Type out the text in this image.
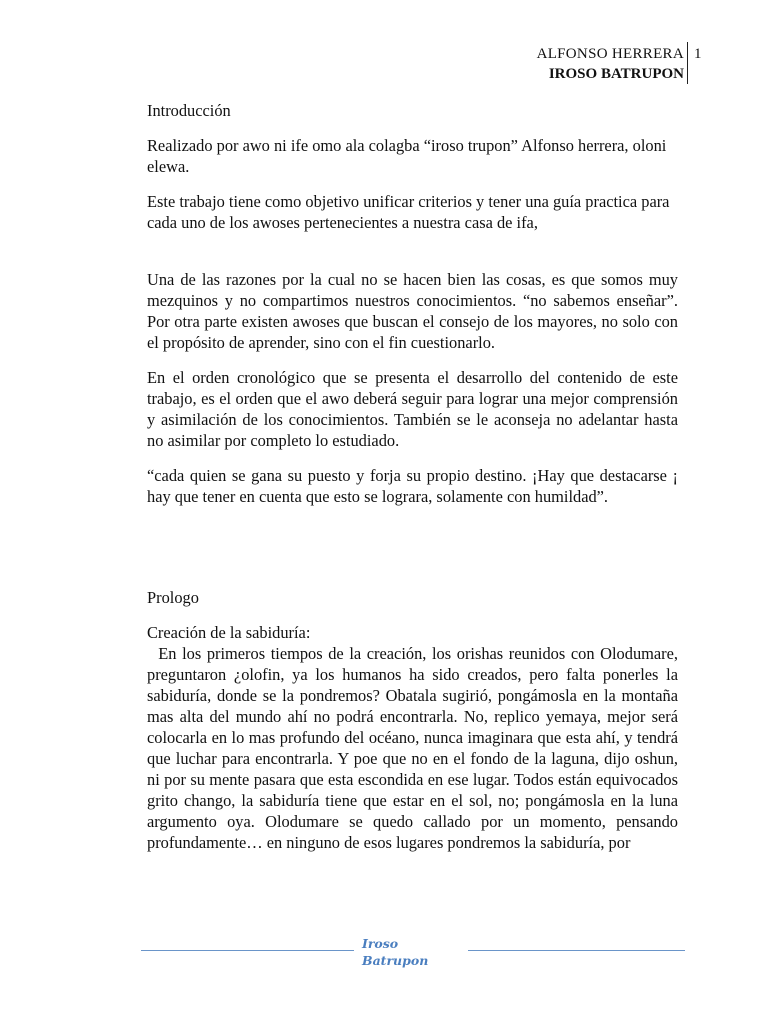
ALFONSO HERRERA
IROSO BATRUPON
1

Introducción

Realizado por awo ni ife omo ala colagba “iroso trupon” Alfonso herrera, oloni elewa.

Este trabajo tiene como objetivo unificar criterios y tener una guía practica para cada uno de los awoses pertenecientes a nuestra casa de ifa,

Una de las razones por la cual no se hacen bien las cosas, es que somos muy mezquinos y no compartimos nuestros conocimientos. “no sabemos enseñar”. Por otra parte existen awoses que buscan el consejo de los mayores, no solo con el propósito de aprender, sino con el fin cuestionarlo.

En el orden cronológico que se presenta el desarrollo del contenido de este trabajo, es el orden que el awo deberá seguir para lograr una mejor comprensión y asimilación de los conocimientos. También se le aconseja no adelantar hasta no asimilar por completo lo estudiado.

“cada quien se gana su puesto y forja su propio destino. ¡Hay que destacarse ¡ hay que tener en cuenta que esto se lograra, solamente con humildad”.

Prologo

Creación de la sabiduría:

En los primeros tiempos de la creación, los orishas reunidos con Olodumare, preguntaron ¿olofin, ya los humanos ha sido creados, pero falta ponerles la sabiduría, donde se la pondremos? Obatala sugirió, pongámosla en la montaña mas alta del mundo ahí no podrá encontrarla. No, replico yemaya, mejor será colocarla en lo mas profundo del océano, nunca imaginara que esta ahí, y tendrá que luchar para encontrarla. Y poe que no en el fondo de la laguna, dijo oshun, ni por su mente pasara que esta escondida en ese lugar. Todos están equivocados grito chango, la sabiduría tiene que estar en el sol, no; pongámosla en la luna argumento oya. Olodumare se quedo callado por un momento, pensando profundamente… en ninguno de esos lugares pondremos la sabiduría, por

Iroso
Batrupon
